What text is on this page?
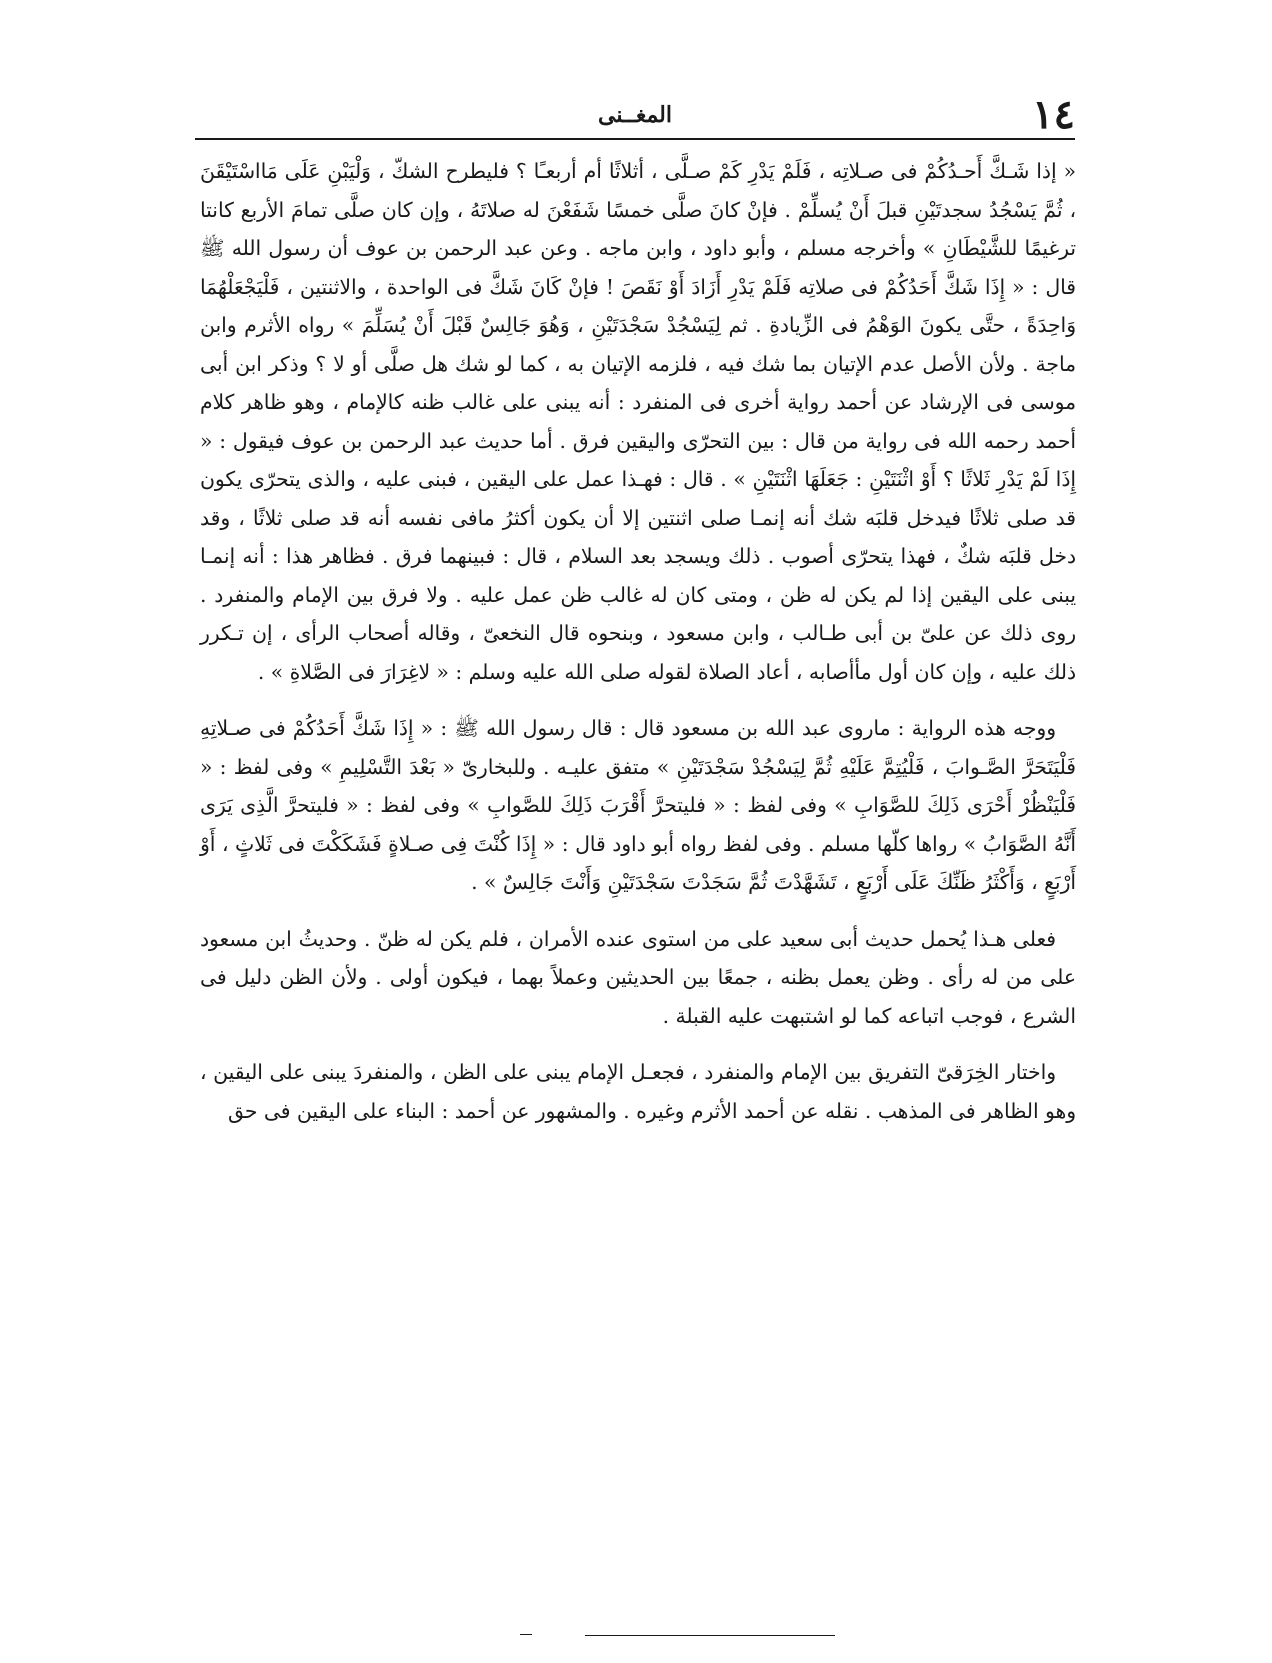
١٤
المغــنى

« إذا شَـكَّ أَحـدُكُمْ فى صـلاتِه ، فَلَمْ يَدْرِ كَمْ صـلَّى ، أثلاثًا أم أربعـًا ؟ فليطرح الشكّ ، وَلْيَبْنِ عَلَى مَااسْتَيْقَنَ ، ثُمَّ يَسْجُدُ سجدتَيْنِ قبلَ أَنْ يُسلِّمْ . فإنْ كانَ صلَّى خمسًا شَفَعْنَ له صلاتَهُ ، وإن كان صلَّى تمامَ الأربع كانتا ترغيمًا للشَّيْطَانِ » وأخرجه مسلم ، وأبو داود ، وابن ماجه . وعن عبد الرحمن بن عوف أن رسول الله ﷺ قال : « إِذَا شَكَّ أَحَدُكُمْ فى صلاتِه فَلَمْ يَدْرِ أَزَادَ أَوْ نَقَصَ ! فإنْ كَانَ شَكَّ فى الواحدة ، والاثنتين ، فَلْيَجْعَلْهُمَا وَاحِدَةً ، حتَّى يكونَ الوَهْمُ فى الزِّيادةِ . ثم لِيَسْجُدْ سَجْدَتَيْنِ ، وَهُوَ جَالِسٌ قَبْلَ أَنْ يُسَلِّمَ » رواه الأثرم وابن ماجة . ولأن الأصل عدم الإتيان بما شك فيه ، فلزمه الإتيان به ، كما لو شك هل صلَّى أو لا ؟ وذكر ابن أبى موسى فى الإرشاد عن أحمد رواية أخرى فى المنفرد : أنه يبنى على غالب ظنه كالإمام ، وهو ظاهر كلام أحمد رحمه الله فى رواية من قال : بين التحرّى واليقين فرق . أما حديث عبد الرحمن بن عوف فيقول : « إِذَا لَمْ يَدْرِ ثَلاثًا ؟ أَوْ اثْنَتَيْنِ : جَعَلَهَا اثْنَتَيْنِ » . قال : فهـذا عمل على اليقين ، فبنى عليه ، والذى يتحرّى يكون قد صلى ثلاثًا فيدخل قلبَه شك أنه إنمـا صلى اثنتين إلا أن يكون أكثرُ مافى نفسه أنه قد صلى ثلاثًا ، وقد دخل قلبَه شكٌ ، فهذا يتحرّى أصوب . ذلك ويسجد بعد السلام ، قال : فبينهما فرق . فظاهر هذا : أنه إنمـا يبنى على اليقين إذا لم يكن له ظن ، ومتى كان له غالب ظن عمل عليه . ولا فرق بين الإمام والمنفرد . روى ذلك عن علىّ بن أبى طـالب ، وابن مسعود ، وبنحوه قال النخعىّ ، وقاله أصحاب الرأى ، إن تـكرر ذلك عليه ، وإن كان أول مأأصابه ، أعاد الصلاة لقوله صلى الله عليه وسلم : « لاغِرَارَ فى الصَّلاةِ » .

ووجه هذه الرواية : ماروى عبد الله بن مسعود قال : قال رسول الله ﷺ : « إِذَا شَكَّ أَحَدُكُمْ فى صـلاتِهِ فَلْيَتَحَرَّ الصَّـوابَ ، فَلْيُتِمَّ عَلَيْهِ ثُمَّ لِيَسْجُدْ سَجْدَتَيْنِ » متفق عليـه . وللبخارىّ « بَعْدَ التَّسْلِيمِ » وفى لفظ : « فَلْيَنْظُرْ أَحْرَى ذَلِكَ للصَّوَابِ » وفى لفظ : « فليتحرَّ أَقْرَبَ ذَلِكَ للصَّوابِ » وفى لفظ : « فليتحرَّ الَّذِى يَرَى أَنَّهُ الصَّوَابُ » رواها كلّها مسلم . وفى لفظ رواه أبو داود قال : « إِذَا كُنْتَ فِى صـلاةٍ فَشَكَكْتَ فى ثَلاثٍ ، أَوْ أَرْبَعٍ ، وَأَكْثَرُ ظَنِّكَ عَلَى أَرْبَعٍ ، تَشَهَّدْتَ ثُمَّ سَجَدْتَ سَجْدَتَيْنِ وَأَنْتَ جَالِسٌ » .

فعلى هـذا يُحمل حديث أبى سعيد على من استوى عنده الأمران ، فلم يكن له ظنّ . وحديثُ ابن مسعود على من له رأى . وظن يعمل بظنه ، جمعًا بين الحديثين وعملاً بهما ، فيكون أولى . ولأن الظن دليل فى الشرع ، فوجب اتباعه كما لو اشتبهت عليه القبلة .

واختار الخِرَقىّ التفريق بين الإمام والمنفرد ، فجعـل الإمام يبنى على الظن ، والمنفردَ يبنى على اليقين ، وهو الظاهر فى المذهب . نقله عن أحمد الأثرم وغيره . والمشهور عن أحمد : البناء على اليقين فى حق
